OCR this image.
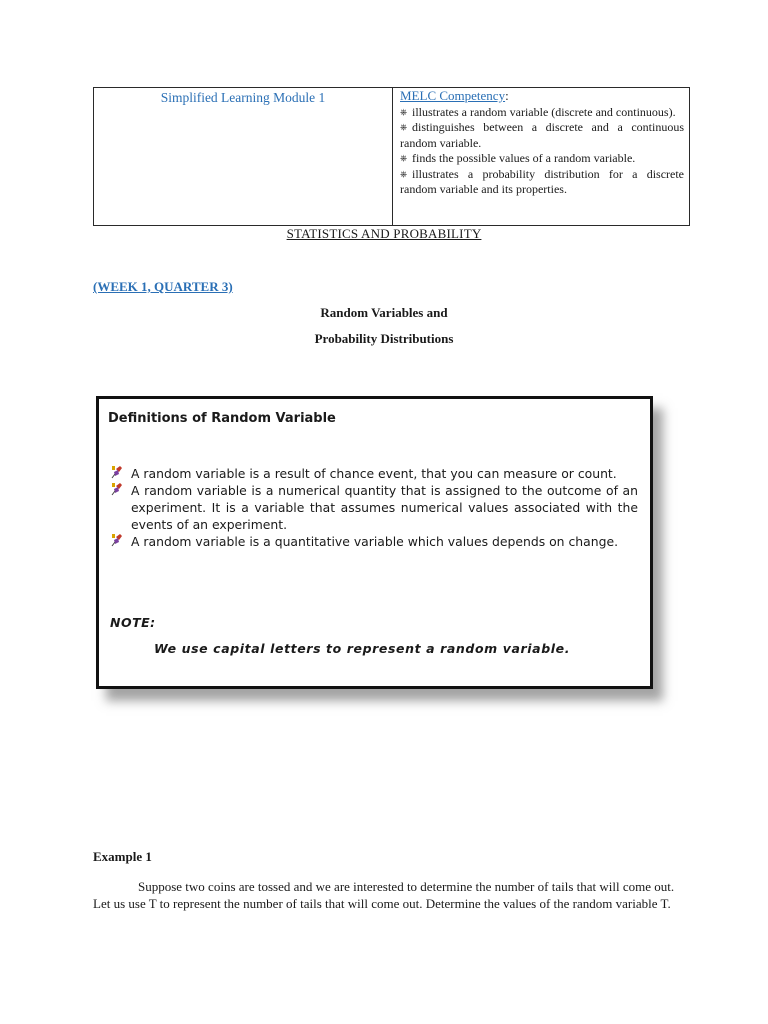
Simplified Learning Module 1	MELC Competency:
⎈ illustrates a random variable (discrete and continuous).
⎈ distinguishes between a discrete and a continuous random variable.
⎈ finds the possible values of a random variable.
⎈ illustrates a probability distribution for a discrete random variable and its properties.
STATISTICS AND PROBABILITY
(WEEK 1, QUARTER 3)
Random Variables and
Probability Distributions
Definitions of Random Variable
A random variable is a result of chance event, that you can measure or count.
A random variable is a numerical quantity that is assigned to the outcome of an experiment. It is a variable that assumes numerical values associated with the events of an experiment.
A random variable is a quantitative variable which values depends on change.
NOTE:
We use capital letters to represent a random variable.
Example 1
Suppose two coins are tossed and we are interested to determine the number of tails that will come out. Let us use T to represent the number of tails that will come out. Determine the values of the random variable T.
